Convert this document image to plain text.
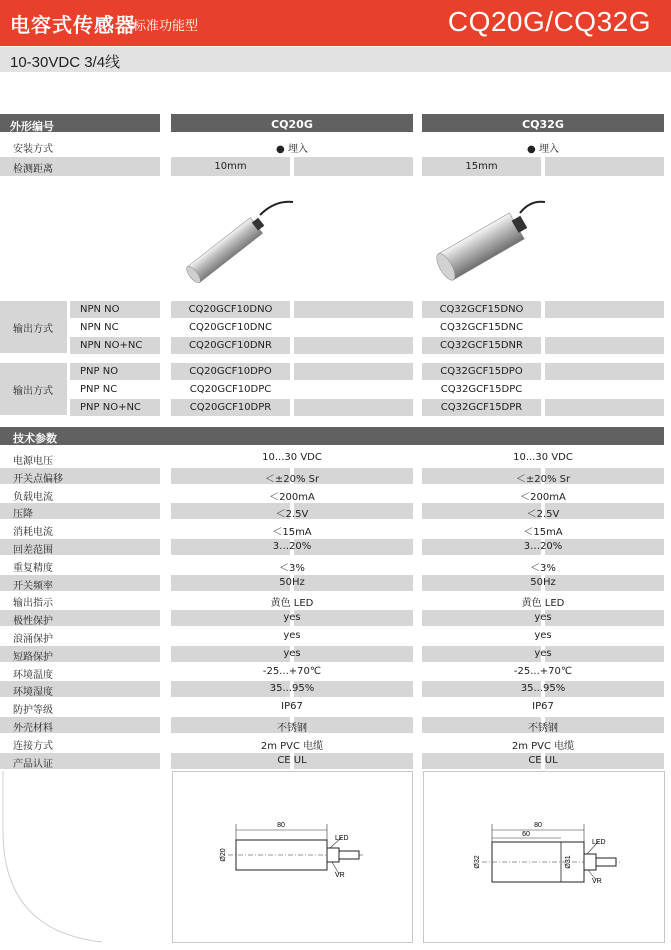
电容式传感器
标准功能型	CQ20G/CQ32G
10-30VDC 3/4线
外形编号	CQ20G	CQ32G
安装方式	● 埋入	● 埋入
检测距离	10mm	15mm
输出方式
NPN NO	CQ20GCF10DNO	CQ32GCF15DNO
NPN NC	CQ20GCF10DNC	CQ32GCF15DNC
NPN NO+NC	CQ20GCF10DNR	CQ32GCF15DNR
输出方式
PNP NO	CQ20GCF10DPO	CQ32GCF15DPO
PNP NC	CQ20GCF10DPC	CQ32GCF15DPC
PNP NO+NC	CQ20GCF10DPR	CQ32GCF15DPR
技术参数
电源电压	10...30 VDC	10...30 VDC
开关点偏移	＜±20% Sr	＜±20% Sr
负载电流	＜200mA	＜200mA
压降	＜2.5V	＜2.5V
消耗电流	＜15mA	＜15mA
回差范围	3…20%	3…20%
重复精度	＜3%	＜3%
开关频率	50Hz	50Hz
输出指示	黄色 LED	黄色 LED
极性保护	yes	yes
浪涌保护	yes	yes
短路保护	yes	yes
环境温度	-25...+70℃	-25...+70℃
环境湿度	35...95%	35...95%
防护等级	IP67	IP67
外壳材料	不锈钢	不锈钢
连接方式	2m PVC 电缆	2m PVC 电缆
产品认证	CE UL	CE UL
80
Ø20
LED
VR
80
60
Ø32	Ø31
LED
VR
